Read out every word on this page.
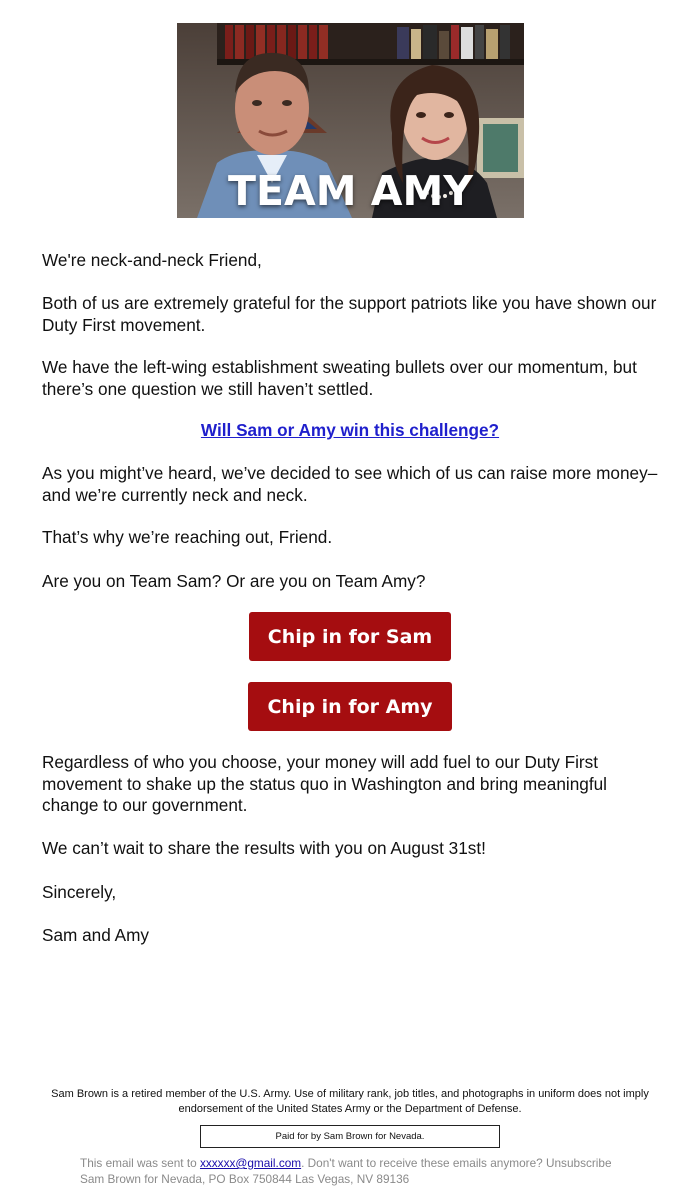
TEAM AMY

We're neck-and-neck Friend,

Both of us are extremely grateful for the support patriots like you have shown our Duty First movement.

We have the left-wing establishment sweating bullets over our momentum, but there’s one question we still haven’t settled.

Will Sam or Amy win this challenge?

As you might’ve heard, we’ve decided to see which of us can raise more money–and we’re currently neck and neck.

That’s why we’re reaching out, Friend.

Are you on Team Sam? Or are you on Team Amy?

Chip in for Sam
Chip in for Amy

Regardless of who you choose, your money will add fuel to our Duty First movement to shake up the status quo in Washington and bring meaningful change to our government.

We can’t wait to share the results with you on August 31st!

Sincerely,

Sam and Amy

Sam Brown is a retired member of the U.S. Army. Use of military rank, job titles, and photographs in uniform does not imply endorsement of the United States Army or the Department of Defense.
Paid for by Sam Brown for Nevada.
This email was sent to xxxxxx@gmail.com. Don't want to receive these emails anymore? Unsubscribe
Sam Brown for Nevada, PO Box 750844 Las Vegas, NV 89136
